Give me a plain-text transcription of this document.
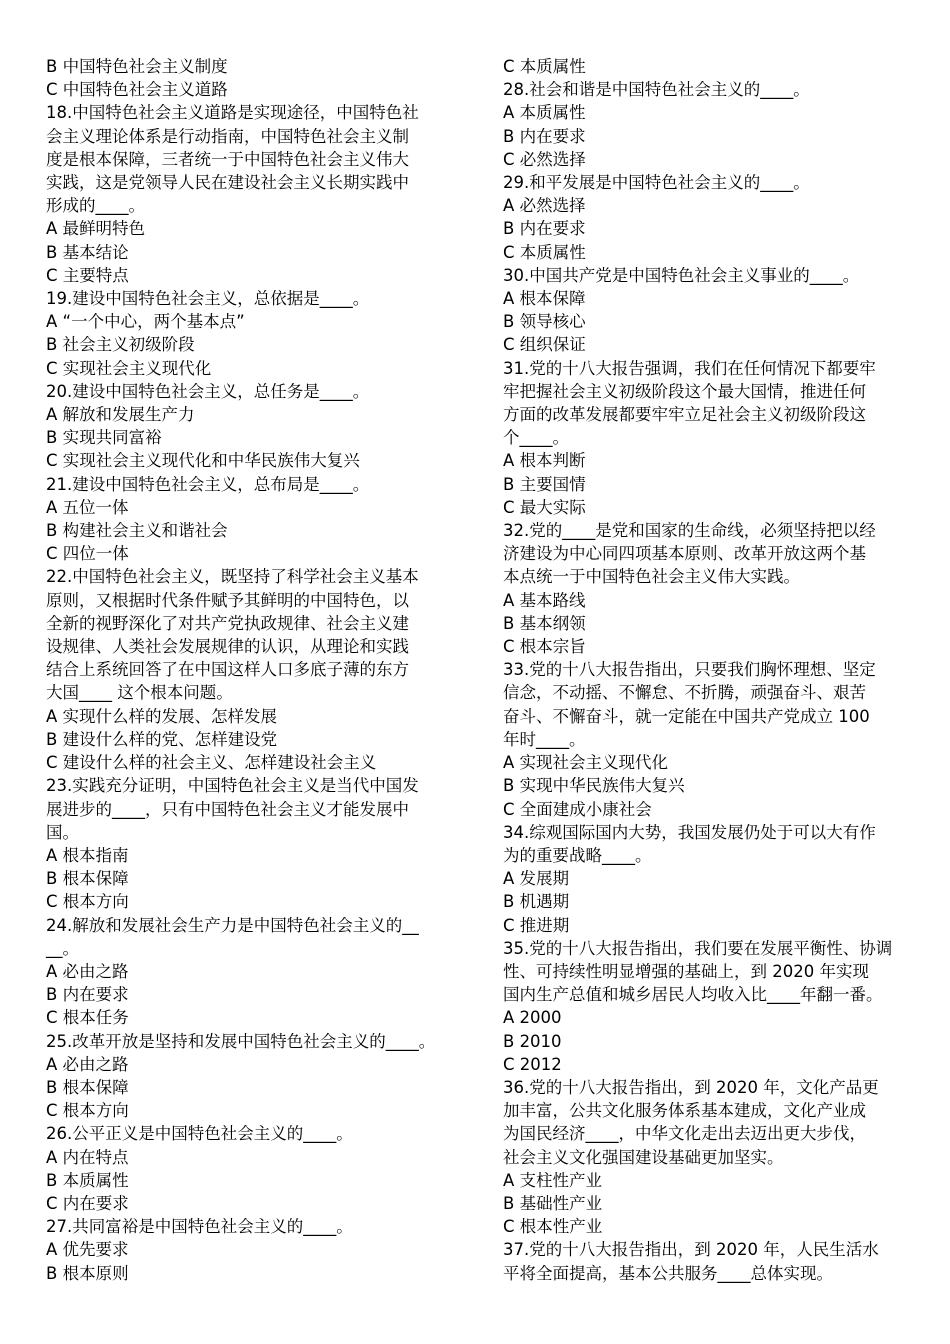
B 中国特色社会主义制度
C 中国特色社会主义道路
18.中国特色社会主义道路是实现途径，中国特色社
会主义理论体系是行动指南，中国特色社会主义制
度是根本保障，三者统一于中国特色社会主义伟大
实践，这是党领导人民在建设社会主义长期实践中
形成的____。
A 最鲜明特色
B 基本结论
C 主要特点
19.建设中国特色社会主义，总依据是____。
A “一个中心，两个基本点”
B 社会主义初级阶段
C 实现社会主义现代化
20.建设中国特色社会主义，总任务是____。
A 解放和发展生产力
B 实现共同富裕
C 实现社会主义现代化和中华民族伟大复兴
21.建设中国特色社会主义，总布局是____。
A 五位一体
B 构建社会主义和谐社会
C 四位一体
22.中国特色社会主义，既坚持了科学社会主义基本
原则，又根据时代条件赋予其鲜明的中国特色，以
全新的视野深化了对共产党执政规律、社会主义建
设规律、人类社会发展规律的认识，从理论和实践
结合上系统回答了在中国这样人口多底子薄的东方
大国____ 这个根本问题。
A 实现什么样的发展、怎样发展
B 建设什么样的党、怎样建设党
C 建设什么样的社会主义、怎样建设社会主义
23.实践充分证明，中国特色社会主义是当代中国发
展进步的____，只有中国特色社会主义才能发展中
国。
A 根本指南
B 根本保障
C 根本方向
24.解放和发展社会生产力是中国特色社会主义的__
__。
A 必由之路
B 内在要求
C 根本任务
25.改革开放是坚持和发展中国特色社会主义的____。
A 必由之路
B 根本保障
C 根本方向
26.公平正义是中国特色社会主义的____。
A 内在特点
B 本质属性
C 内在要求
27.共同富裕是中国特色社会主义的____。
A 优先要求
B 根本原则
C 本质属性
28.社会和谐是中国特色社会主义的____。
A 本质属性
B 内在要求
C 必然选择
29.和平发展是中国特色社会主义的____。
A 必然选择
B 内在要求
C 本质属性
30.中国共产党是中国特色社会主义事业的____。
A 根本保障
B 领导核心
C 组织保证
31.党的十八大报告强调，我们在任何情况下都要牢
牢把握社会主义初级阶段这个最大国情，推进任何
方面的改革发展都要牢牢立足社会主义初级阶段这
个____。
A 根本判断
B 主要国情
C 最大实际
32.党的____是党和国家的生命线，必须坚持把以经
济建设为中心同四项基本原则、改革开放这两个基
本点统一于中国特色社会主义伟大实践。
A 基本路线
B 基本纲领
C 根本宗旨
33.党的十八大报告指出，只要我们胸怀理想、坚定
信念，不动摇、不懈怠、不折腾，顽强奋斗、艰苦
奋斗、不懈奋斗，就一定能在中国共产党成立 100
年时____。
A 实现社会主义现代化
B 实现中华民族伟大复兴
C 全面建成小康社会
34.综观国际国内大势，我国发展仍处于可以大有作
为的重要战略____。
A 发展期
B 机遇期
C 推进期
35.党的十八大报告指出，我们要在发展平衡性、协调
性、可持续性明显增强的基础上，到 2020 年实现
国内生产总值和城乡居民人均收入比____年翻一番。
A 2000
B 2010
C 2012
36.党的十八大报告指出，到 2020 年，文化产品更
加丰富，公共文化服务体系基本建成，文化产业成
为国民经济____，中华文化走出去迈出更大步伐，
社会主义文化强国建设基础更加坚实。
A 支柱性产业
B 基础性产业
C 根本性产业
37.党的十八大报告指出，到 2020 年，人民生活水
平将全面提高，基本公共服务____总体实现。
